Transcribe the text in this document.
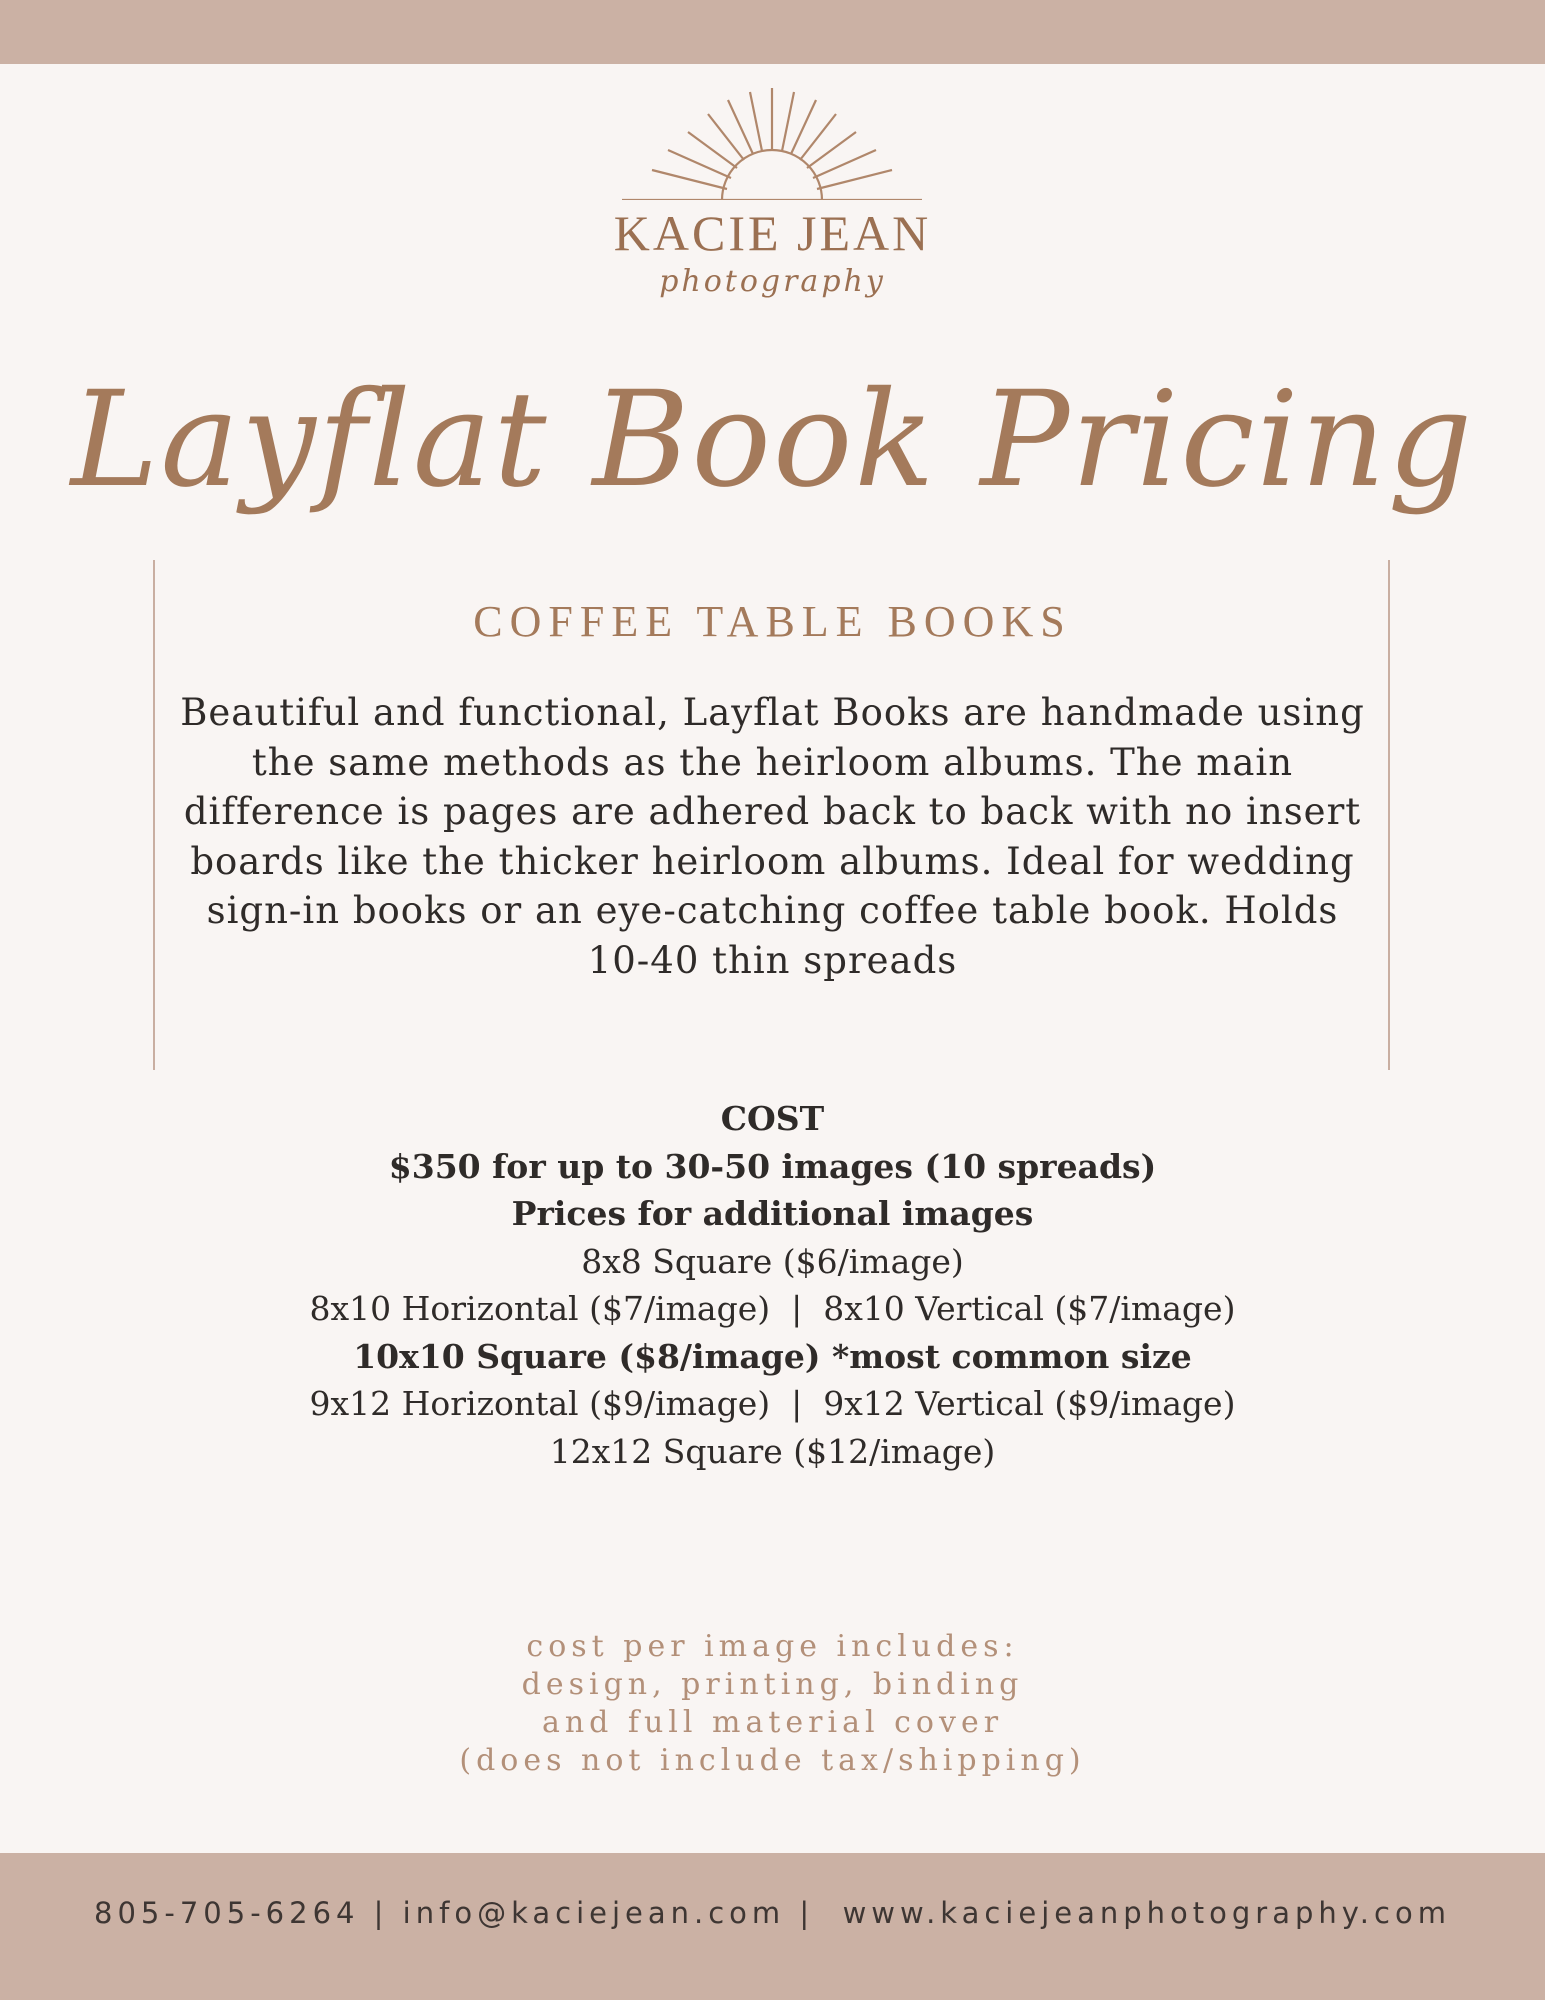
KACIE JEAN
photography
Layflat Book Pricing
COFFEE TABLE BOOKS
Beautiful and functional, Layflat Books are handmade using the same methods as the heirloom albums. The main difference is pages are adhered back to back with no insert boards like the thicker heirloom albums. Ideal for wedding sign-in books or an eye-catching coffee table book. Holds 10-40 thin spreads
COST
$350 for up to 30-50 images (10 spreads)
Prices for additional images
8x8 Square ($6/image)
8x10 Horizontal ($7/image)  |  8x10 Vertical ($7/image)
10x10 Square ($8/image) *most common size
9x12 Horizontal ($9/image)  |  9x12 Vertical ($9/image)
12x12 Square ($12/image)
cost per image includes:
design, printing, binding
and full material cover
(does not include tax/shipping)
805-705-6264 | info@kaciejean.com |  www.kaciejeanphotography.com
